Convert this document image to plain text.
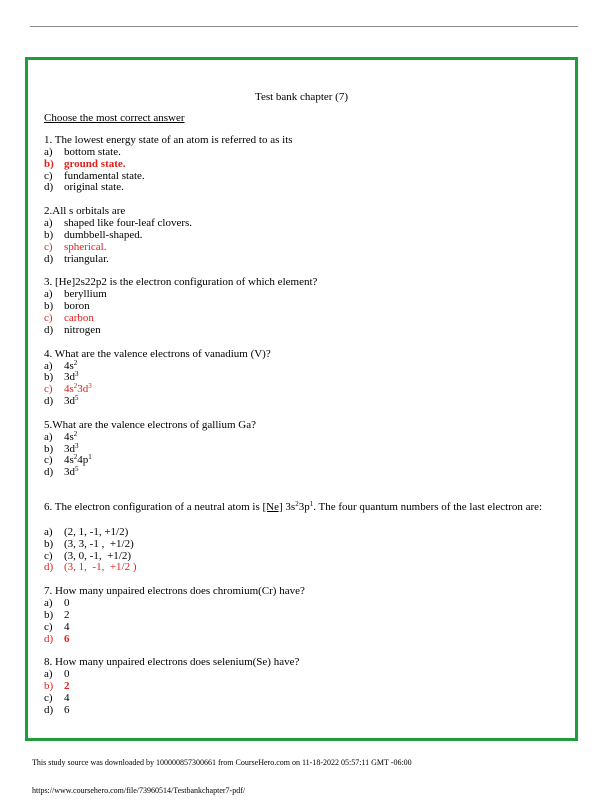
Test bank chapter (7)
Choose the most correct answer
1. The lowest energy state of an atom is referred to as its
a)	bottom state.
b) ground state.
c)	fundamental state.
d) original state.
2.All s orbitals are
a)	shaped like four-leaf clovers.
b) dumbbell-shaped.
c)	spherical.
d) triangular.
3. [He]2s22p2 is the electron configuration of which element?
a)	beryllium
b) boron
c)	carbon
d) nitrogen
4. What are the valence electrons of vanadium (V)?
a)	$4s^2$
b) $3d^3$
c)	$4s^23d^3$
d) $3d^5$
5.What are the valence electrons of gallium Ga?
a)	$4s^2$
b) $3d^3$
c)	$4s^24p^1$
d) $3d^5$
6. The electron configuration of a neutral atom is [Ne] $3s^23p^1$. The four quantum numbers of the last electron are:
a)	(2, 1, -1, +1/2)
b) (3, 3, -1 ,  +1/2)
c)	(3, 0, -1,  +1/2)
d) (3, 1,  -1,  +1/2 )
7. How many unpaired electrons does chromium(Cr) have?
a)	0
b) 2
c)	4
d) 6
8. How many unpaired electrons does selenium(Se) have?
a)	0
b) 2
c)	4
d) 6
This study source was downloaded by 100000857300661 from CourseHero.com on 11-18-2022 05:57:11 GMT -06:00
https://www.coursehero.com/file/73960514/Testbankchapter7-pdf/
